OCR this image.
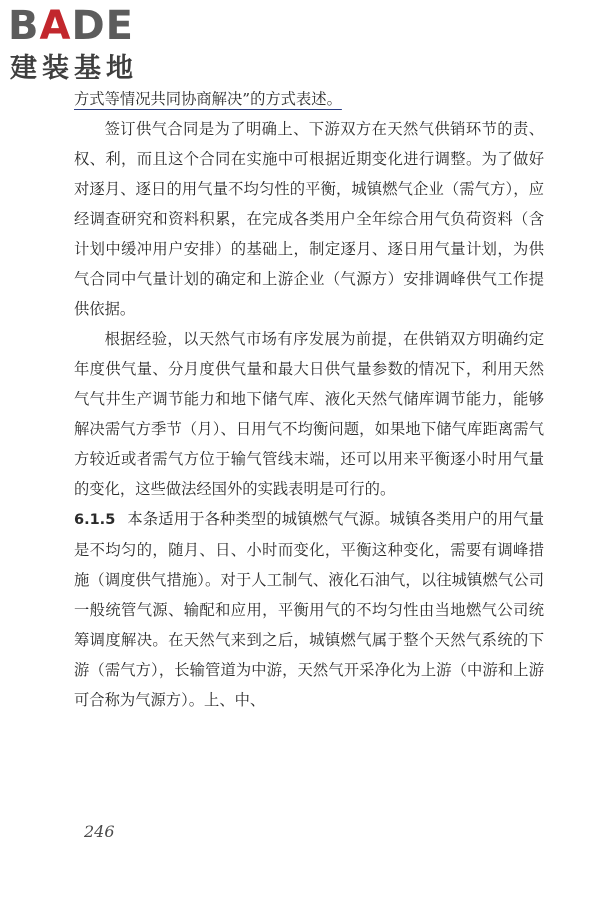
BADE
建装基地

方式等情况共同协商解决”的方式表述。

签订供气合同是为了明确上、下游双方在天然气供销环节的责、权、利，而且这个合同在实施中可根据近期变化进行调整。为了做好对逐月、逐日的用气量不均匀性的平衡，城镇燃气企业（需气方），应经调查研究和资料积累，在完成各类用户全年综合用气负荷资料（含计划中缓冲用户安排）的基础上，制定逐月、逐日用气量计划，为供气合同中气量计划的确定和上游企业（气源方）安排调峰供气工作提供依据。

根据经验，以天然气市场有序发展为前提，在供销双方明确约定年度供气量、分月度供气量和最大日供气量参数的情况下，利用天然气气井生产调节能力和地下储气库、液化天然气储库调节能力，能够解决需气方季节（月）、日用气不均衡问题，如果地下储气库距离需气方较近或者需气方位于输气管线末端，还可以用来平衡逐小时用气量的变化，这些做法经国外的实践表明是可行的。

6.1.5 本条适用于各种类型的城镇燃气气源。城镇各类用户的用气量是不均匀的，随月、日、小时而变化，平衡这种变化，需要有调峰措施（调度供气措施）。对于人工制气、液化石油气，以往城镇燃气公司一般统管气源、输配和应用，平衡用气的不均匀性由当地燃气公司统筹调度解决。在天然气来到之后，城镇燃气属于整个天然气系统的下游（需气方），长输管道为中游，天然气开采净化为上游（中游和上游可合称为气源方）。上、中、

246
